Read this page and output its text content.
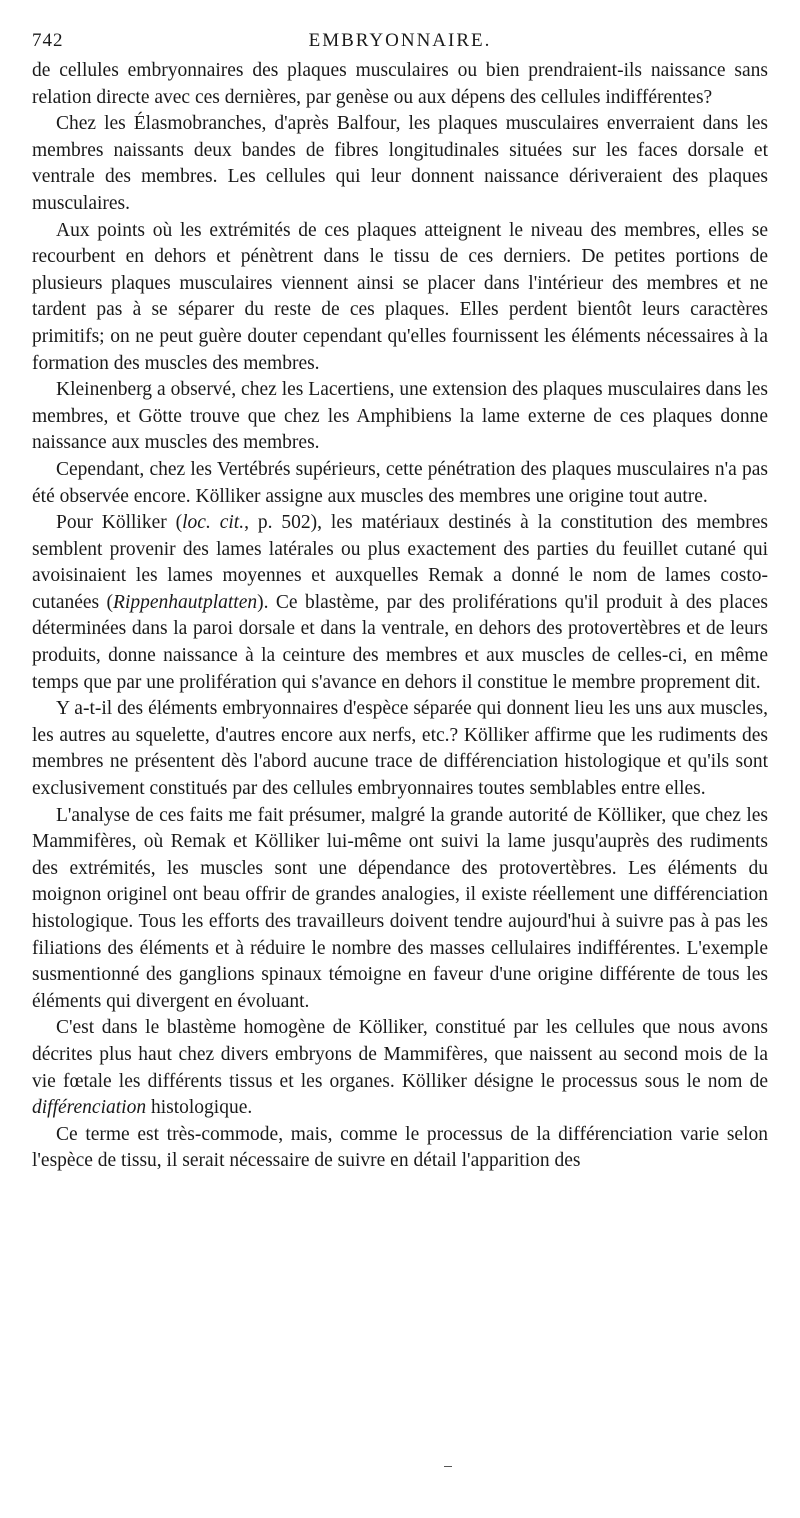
742	EMBRYONNAIRE.

de cellules embryonnaires des plaques musculaires ou bien prendraient-ils naissance sans relation directe avec ces dernières, par genèse ou aux dépens des cellules indifférentes?

Chez les Élasmobranches, d'après Balfour, les plaques musculaires enverraient dans les membres naissants deux bandes de fibres longitudinales situées sur les faces dorsale et ventrale des membres. Les cellules qui leur donnent naissance dériveraient des plaques musculaires.

Aux points où les extrémités de ces plaques atteignent le niveau des membres, elles se recourbent en dehors et pénètrent dans le tissu de ces derniers. De petites portions de plusieurs plaques musculaires viennent ainsi se placer dans l'intérieur des membres et ne tardent pas à se séparer du reste de ces plaques. Elles perdent bientôt leurs caractères primitifs; on ne peut guère douter cependant qu'elles fournissent les éléments nécessaires à la formation des muscles des membres.

Kleinenberg a observé, chez les Lacertiens, une extension des plaques musculaires dans les membres, et Götte trouve que chez les Amphibiens la lame externe de ces plaques donne naissance aux muscles des membres.

Cependant, chez les Vertébrés supérieurs, cette pénétration des plaques musculaires n'a pas été observée encore. Kölliker assigne aux muscles des membres une origine tout autre.

Pour Kölliker (loc. cit., p. 502), les matériaux destinés à la constitution des membres semblent provenir des lames latérales ou plus exactement des parties du feuillet cutané qui avoisinaient les lames moyennes et auxquelles Remak a donné le nom de lames costo-cutanées (Rippenhautplatten). Ce blastème, par des proliférations qu'il produit à des places déterminées dans la paroi dorsale et dans la ventrale, en dehors des protovertèbres et de leurs produits, donne naissance à la ceinture des membres et aux muscles de celles-ci, en même temps que par une prolifération qui s'avance en dehors il constitue le membre proprement dit.

Y a-t-il des éléments embryonnaires d'espèce séparée qui donnent lieu les uns aux muscles, les autres au squelette, d'autres encore aux nerfs, etc.? Kölliker affirme que les rudiments des membres ne présentent dès l'abord aucune trace de différenciation histologique et qu'ils sont exclusivement constitués par des cellules embryonnaires toutes semblables entre elles.

L'analyse de ces faits me fait présumer, malgré la grande autorité de Kölliker, que chez les Mammifères, où Remak et Kölliker lui-même ont suivi la lame jusqu'auprès des rudiments des extrémités, les muscles sont une dépendance des protovertèbres. Les éléments du moignon originel ont beau offrir de grandes analogies, il existe réellement une différenciation histologique. Tous les efforts des travailleurs doivent tendre aujourd'hui à suivre pas à pas les filiations des éléments et à réduire le nombre des masses cellulaires indifférentes. L'exemple susmentionné des ganglions spinaux témoigne en faveur d'une origine différente de tous les éléments qui divergent en évoluant.

C'est dans le blastème homogène de Kölliker, constitué par les cellules que nous avons décrites plus haut chez divers embryons de Mammifères, que naissent au second mois de la vie fœtale les différents tissus et les organes. Kölliker désigne le processus sous le nom de différenciation histologique.

Ce terme est très-commode, mais, comme le processus de la différenciation varie selon l'espèce de tissu, il serait nécessaire de suivre en détail l'apparition des
